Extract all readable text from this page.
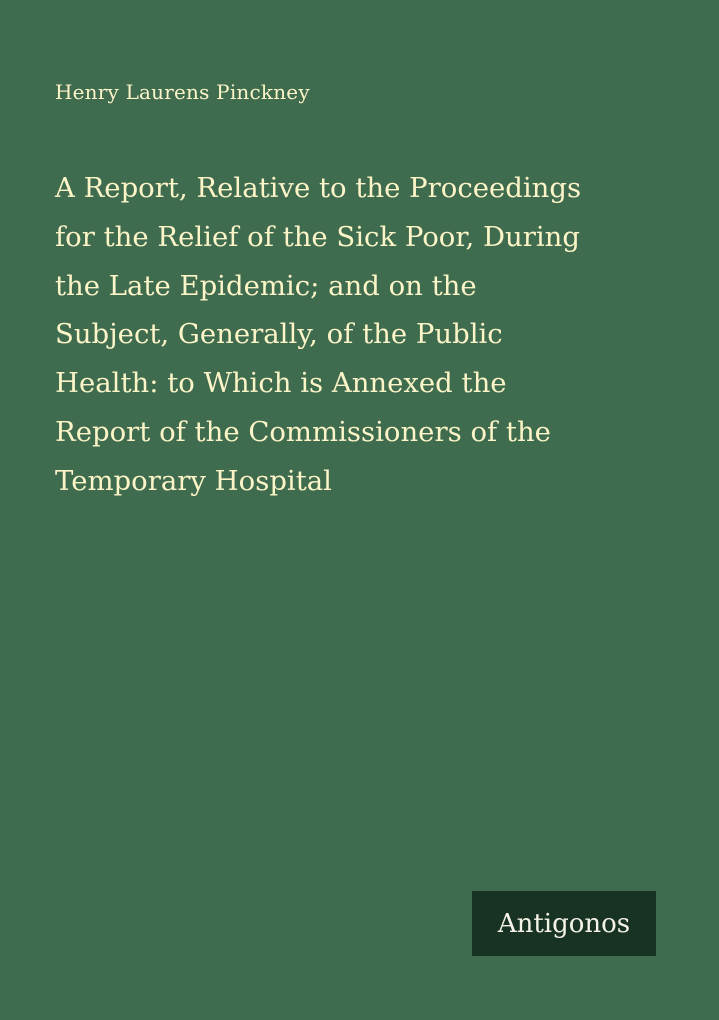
Henry Laurens Pinckney
A Report, Relative to the Proceedings
for the Relief of the Sick Poor, During
the Late Epidemic; and on the
Subject, Generally, of the Public
Health: to Which is Annexed the
Report of the Commissioners of the
Temporary Hospital
Antigonos
